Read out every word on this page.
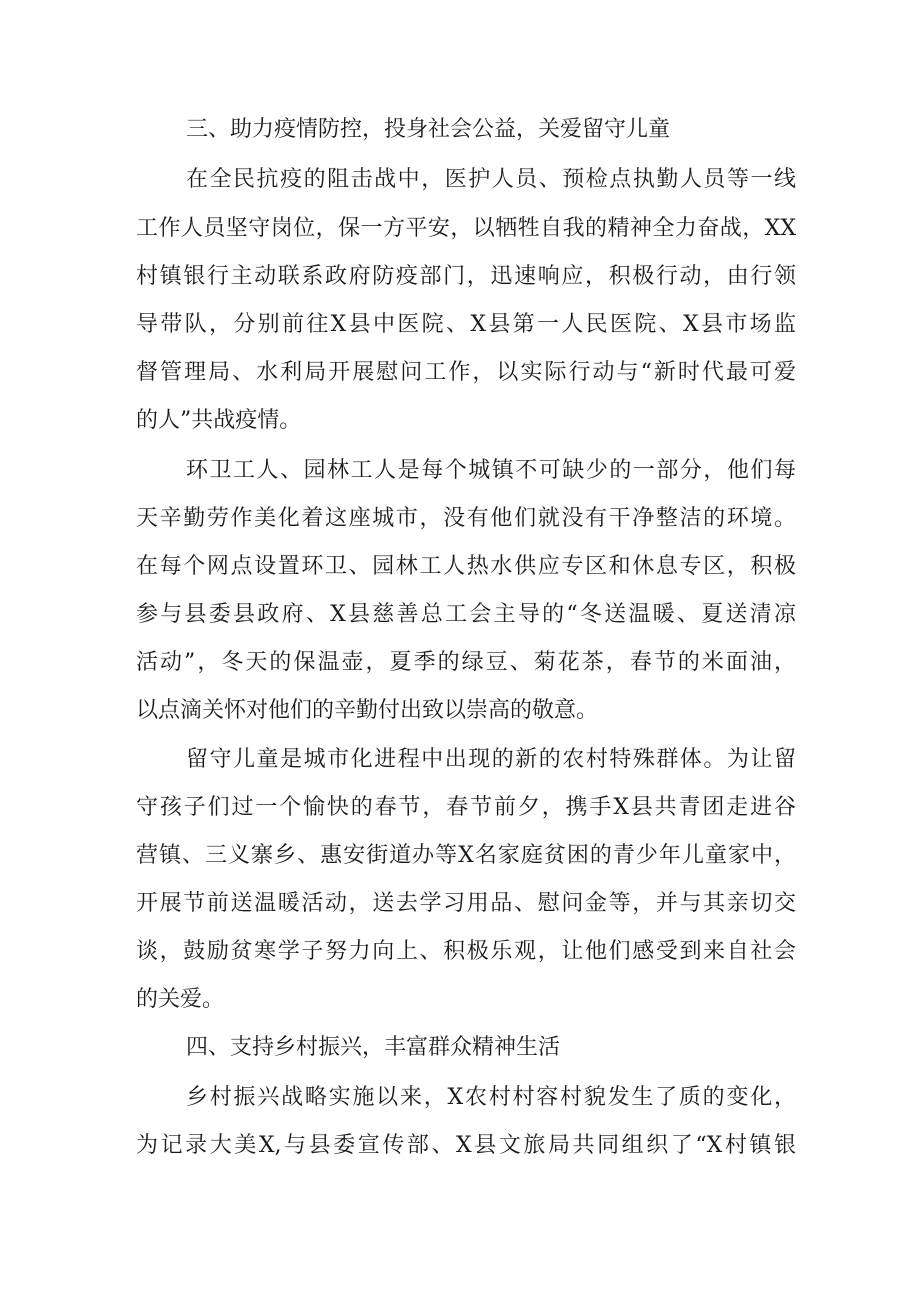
三、助力疫情防控，投身社会公益，关爱留守儿童
在全民抗疫的阻击战中，医护人员、预检点执勤人员等一线
工作人员坚守岗位，保一方平安，以牺牲自我的精神全力奋战，XX
村镇银行主动联系政府防疫部门，迅速响应，积极行动，由行领
导带队，分别前往X县中医院、X县第一人民医院、X县市场监
督管理局、水利局开展慰问工作，以实际行动与“新时代最可爱
的人”共战疫情。
环卫工人、园林工人是每个城镇不可缺少的一部分，他们每
天辛勤劳作美化着这座城市，没有他们就没有干净整洁的环境。
在每个网点设置环卫、园林工人热水供应专区和休息专区，积极
参与县委县政府、X县慈善总工会主导的“冬送温暖、夏送清凉
活动”，冬天的保温壶，夏季的绿豆、菊花茶，春节的米面油，
以点滴关怀对他们的辛勤付出致以崇高的敬意。
留守儿童是城市化进程中出现的新的农村特殊群体。为让留
守孩子们过一个愉快的春节，春节前夕，携手X县共青团走进谷
营镇、三义寨乡、惠安街道办等X名家庭贫困的青少年儿童家中，
开展节前送温暖活动，送去学习用品、慰问金等，并与其亲切交
谈，鼓励贫寒学子努力向上、积极乐观，让他们感受到来自社会
的关爱。
四、支持乡村振兴，丰富群众精神生活
乡村振兴战略实施以来，X农村村容村貌发生了质的变化，
为记录大美X,与县委宣传部、X县文旅局共同组织了“X村镇银
